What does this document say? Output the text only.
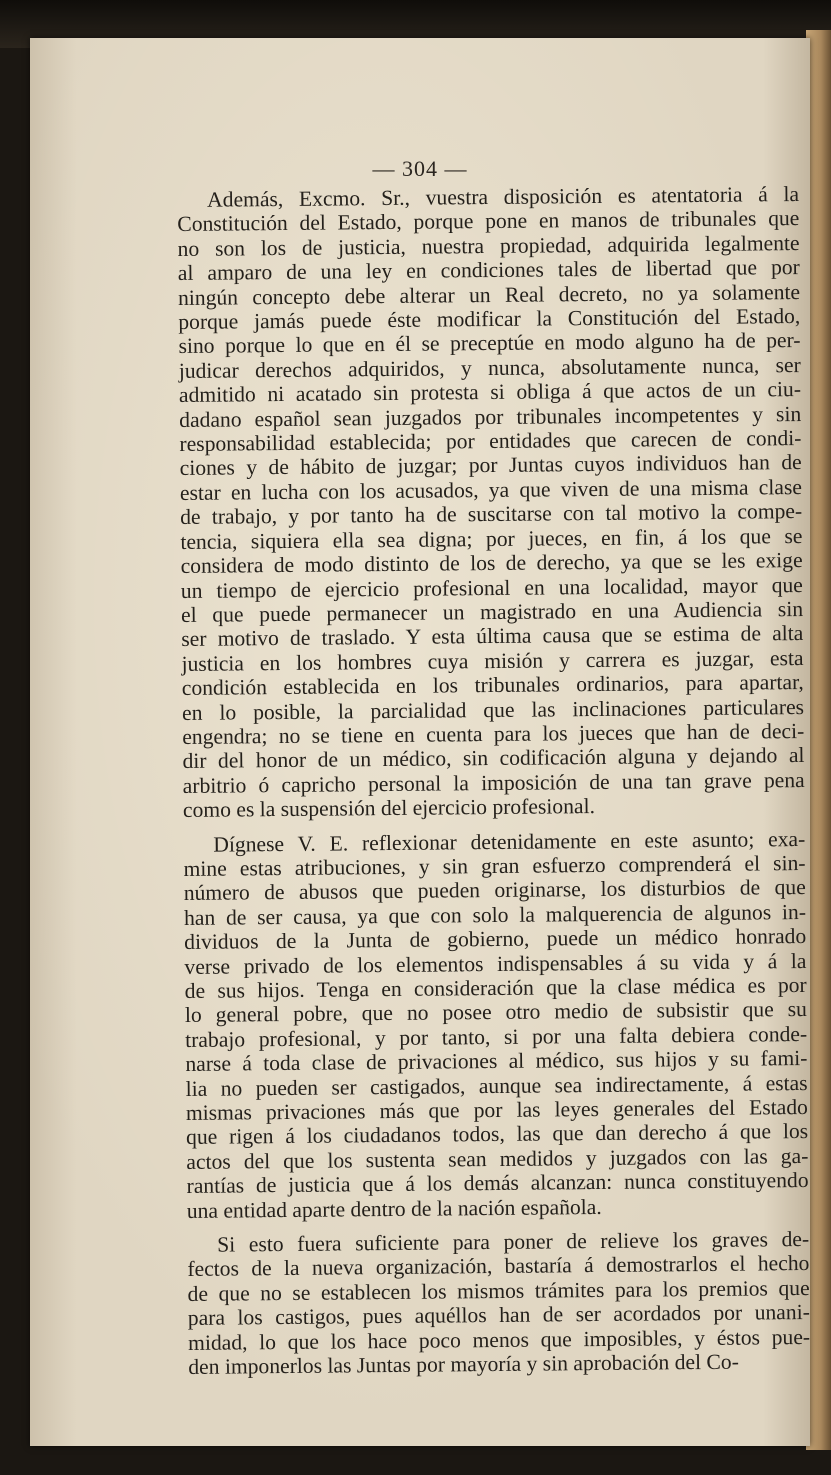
— 304 —
Además, Excmo. Sr., vuestra disposición es atentatoria á la
Constitución del Estado, porque pone en manos de tribunales que
no son los de justicia, nuestra propiedad, adquirida legalmente
al amparo de una ley en condiciones tales de libertad que por
ningún concepto debe alterar un Real decreto, no ya solamente
porque jamás puede éste modificar la Constitución del Estado,
sino porque lo que en él se preceptúe en modo alguno ha de per-
judicar derechos adquiridos, y nunca, absolutamente nunca, ser
admitido ni acatado sin protesta si obliga á que actos de un ciu-
dadano español sean juzgados por tribunales incompetentes y sin
responsabilidad establecida; por entidades que carecen de condi-
ciones y de hábito de juzgar; por Juntas cuyos individuos han de
estar en lucha con los acusados, ya que viven de una misma clase
de trabajo, y por tanto ha de suscitarse con tal motivo la compe-
tencia, siquiera ella sea digna; por jueces, en fin, á los que se
considera de modo distinto de los de derecho, ya que se les exige
un tiempo de ejercicio profesional en una localidad, mayor que
el que puede permanecer un magistrado en una Audiencia sin
ser motivo de traslado. Y esta última causa que se estima de alta
justicia en los hombres cuya misión y carrera es juzgar, esta
condición establecida en los tribunales ordinarios, para apartar,
en lo posible, la parcialidad que las inclinaciones particulares
engendra; no se tiene en cuenta para los jueces que han de deci-
dir del honor de un médico, sin codificación alguna y dejando al
arbitrio ó capricho personal la imposición de una tan grave pena
como es la suspensión del ejercicio profesional.
Dígnese V. E. reflexionar detenidamente en este asunto; exa-
mine estas atribuciones, y sin gran esfuerzo comprenderá el sin-
número de abusos que pueden originarse, los disturbios de que
han de ser causa, ya que con solo la malquerencia de algunos in-
dividuos de la Junta de gobierno, puede un médico honrado
verse privado de los elementos indispensables á su vida y á la
de sus hijos. Tenga en consideración que la clase médica es por
lo general pobre, que no posee otro medio de subsistir que su
trabajo profesional, y por tanto, si por una falta debiera conde-
narse á toda clase de privaciones al médico, sus hijos y su fami-
lia no pueden ser castigados, aunque sea indirectamente, á estas
mismas privaciones más que por las leyes generales del Estado
que rigen á los ciudadanos todos, las que dan derecho á que los
actos del que los sustenta sean medidos y juzgados con las ga-
rantías de justicia que á los demás alcanzan: nunca constituyendo
una entidad aparte dentro de la nación española.
Si esto fuera suficiente para poner de relieve los graves de-
fectos de la nueva organización, bastaría á demostrarlos el hecho
de que no se establecen los mismos trámites para los premios que
para los castigos, pues aquéllos han de ser acordados por unani-
midad, lo que los hace poco menos que imposibles, y éstos pue-
den imponerlos las Juntas por mayoría y sin aprobación del Co-
